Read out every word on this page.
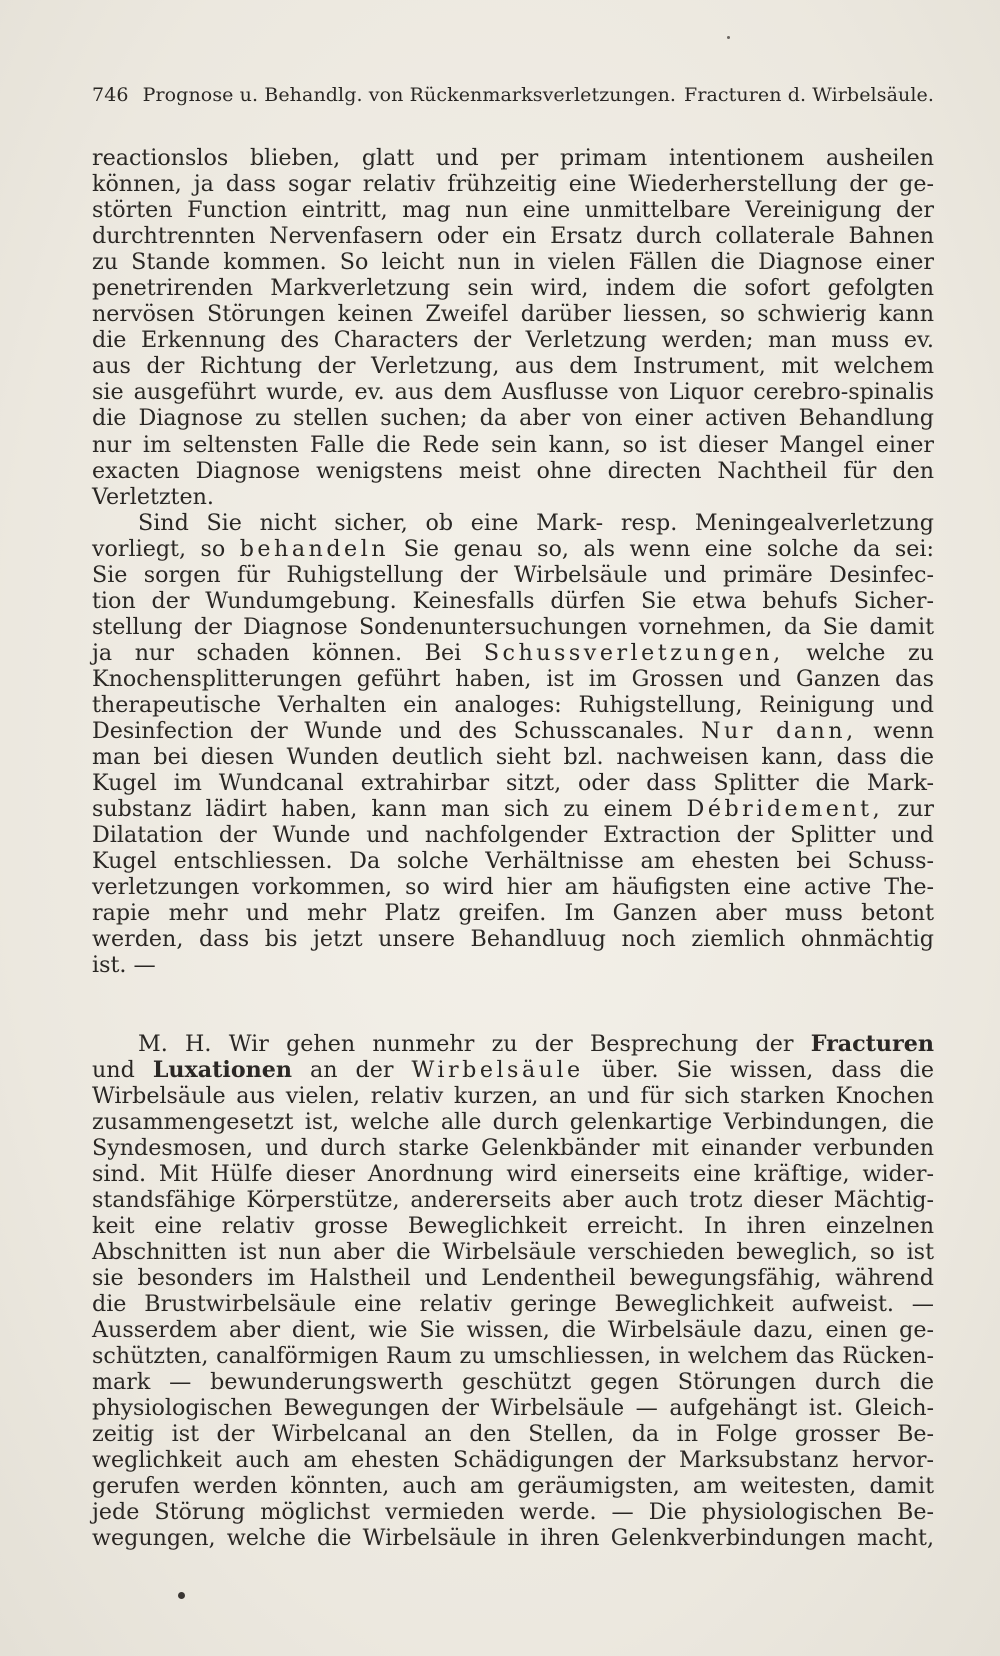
746 Prognose u. Behandlg. von Rückenmarksverletzungen. Fracturen d. Wirbelsäule.
reactionslos blieben, glatt und per primam intentionem ausheilen
können, ja dass sogar relativ frühzeitig eine Wiederherstellung der ge-
störten Function eintritt, mag nun eine unmittelbare Vereinigung der
durchtrennten Nervenfasern oder ein Ersatz durch collaterale Bahnen
zu Stande kommen. So leicht nun in vielen Fällen die Diagnose einer
penetrirenden Markverletzung sein wird, indem die sofort gefolgten
nervösen Störungen keinen Zweifel darüber liessen, so schwierig kann
die Erkennung des Characters der Verletzung werden; man muss ev.
aus der Richtung der Verletzung, aus dem Instrument, mit welchem
sie ausgeführt wurde, ev. aus dem Ausflusse von Liquor cerebro-spinalis
die Diagnose zu stellen suchen; da aber von einer activen Behandlung
nur im seltensten Falle die Rede sein kann, so ist dieser Mangel einer
exacten Diagnose wenigstens meist ohne directen Nachtheil für den
Verletzten.
Sind Sie nicht sicher, ob eine Mark- resp. Meningealverletzung
vorliegt, so behandeln Sie genau so, als wenn eine solche da sei:
Sie sorgen für Ruhigstellung der Wirbelsäule und primäre Desinfec-
tion der Wundumgebung. Keinesfalls dürfen Sie etwa behufs Sicher-
stellung der Diagnose Sondenuntersuchungen vornehmen, da Sie damit
ja nur schaden können. Bei Schussverletzungen, welche zu
Knochensplitterungen geführt haben, ist im Grossen und Ganzen das
therapeutische Verhalten ein analoges: Ruhigstellung, Reinigung und
Desinfection der Wunde und des Schusscanales. Nur dann, wenn
man bei diesen Wunden deutlich sieht bzl. nachweisen kann, dass die
Kugel im Wundcanal extrahirbar sitzt, oder dass Splitter die Mark-
substanz lädirt haben, kann man sich zu einem Débridement, zur
Dilatation der Wunde und nachfolgender Extraction der Splitter und
Kugel entschliessen. Da solche Verhältnisse am ehesten bei Schuss-
verletzungen vorkommen, so wird hier am häufigsten eine active The-
rapie mehr und mehr Platz greifen. Im Ganzen aber muss betont
werden, dass bis jetzt unsere Behandluug noch ziemlich ohnmächtig
ist. —
M. H. Wir gehen nunmehr zu der Besprechung der Fracturen
und Luxationen an der Wirbelsäule über. Sie wissen, dass die
Wirbelsäule aus vielen, relativ kurzen, an und für sich starken Knochen
zusammengesetzt ist, welche alle durch gelenkartige Verbindungen, die
Syndesmosen, und durch starke Gelenkbänder mit einander verbunden
sind. Mit Hülfe dieser Anordnung wird einerseits eine kräftige, wider-
standsfähige Körperstütze, andererseits aber auch trotz dieser Mächtig-
keit eine relativ grosse Beweglichkeit erreicht. In ihren einzelnen
Abschnitten ist nun aber die Wirbelsäule verschieden beweglich, so ist
sie besonders im Halstheil und Lendentheil bewegungsfähig, während
die Brustwirbelsäule eine relativ geringe Beweglichkeit aufweist. —
Ausserdem aber dient, wie Sie wissen, die Wirbelsäule dazu, einen ge-
schützten, canalförmigen Raum zu umschliessen, in welchem das Rücken-
mark — bewunderungswerth geschützt gegen Störungen durch die
physiologischen Bewegungen der Wirbelsäule — aufgehängt ist. Gleich-
zeitig ist der Wirbelcanal an den Stellen, da in Folge grosser Be-
weglichkeit auch am ehesten Schädigungen der Marksubstanz hervor-
gerufen werden könnten, auch am geräumigsten, am weitesten, damit
jede Störung möglichst vermieden werde. — Die physiologischen Be-
wegungen, welche die Wirbelsäule in ihren Gelenkverbindungen macht,
